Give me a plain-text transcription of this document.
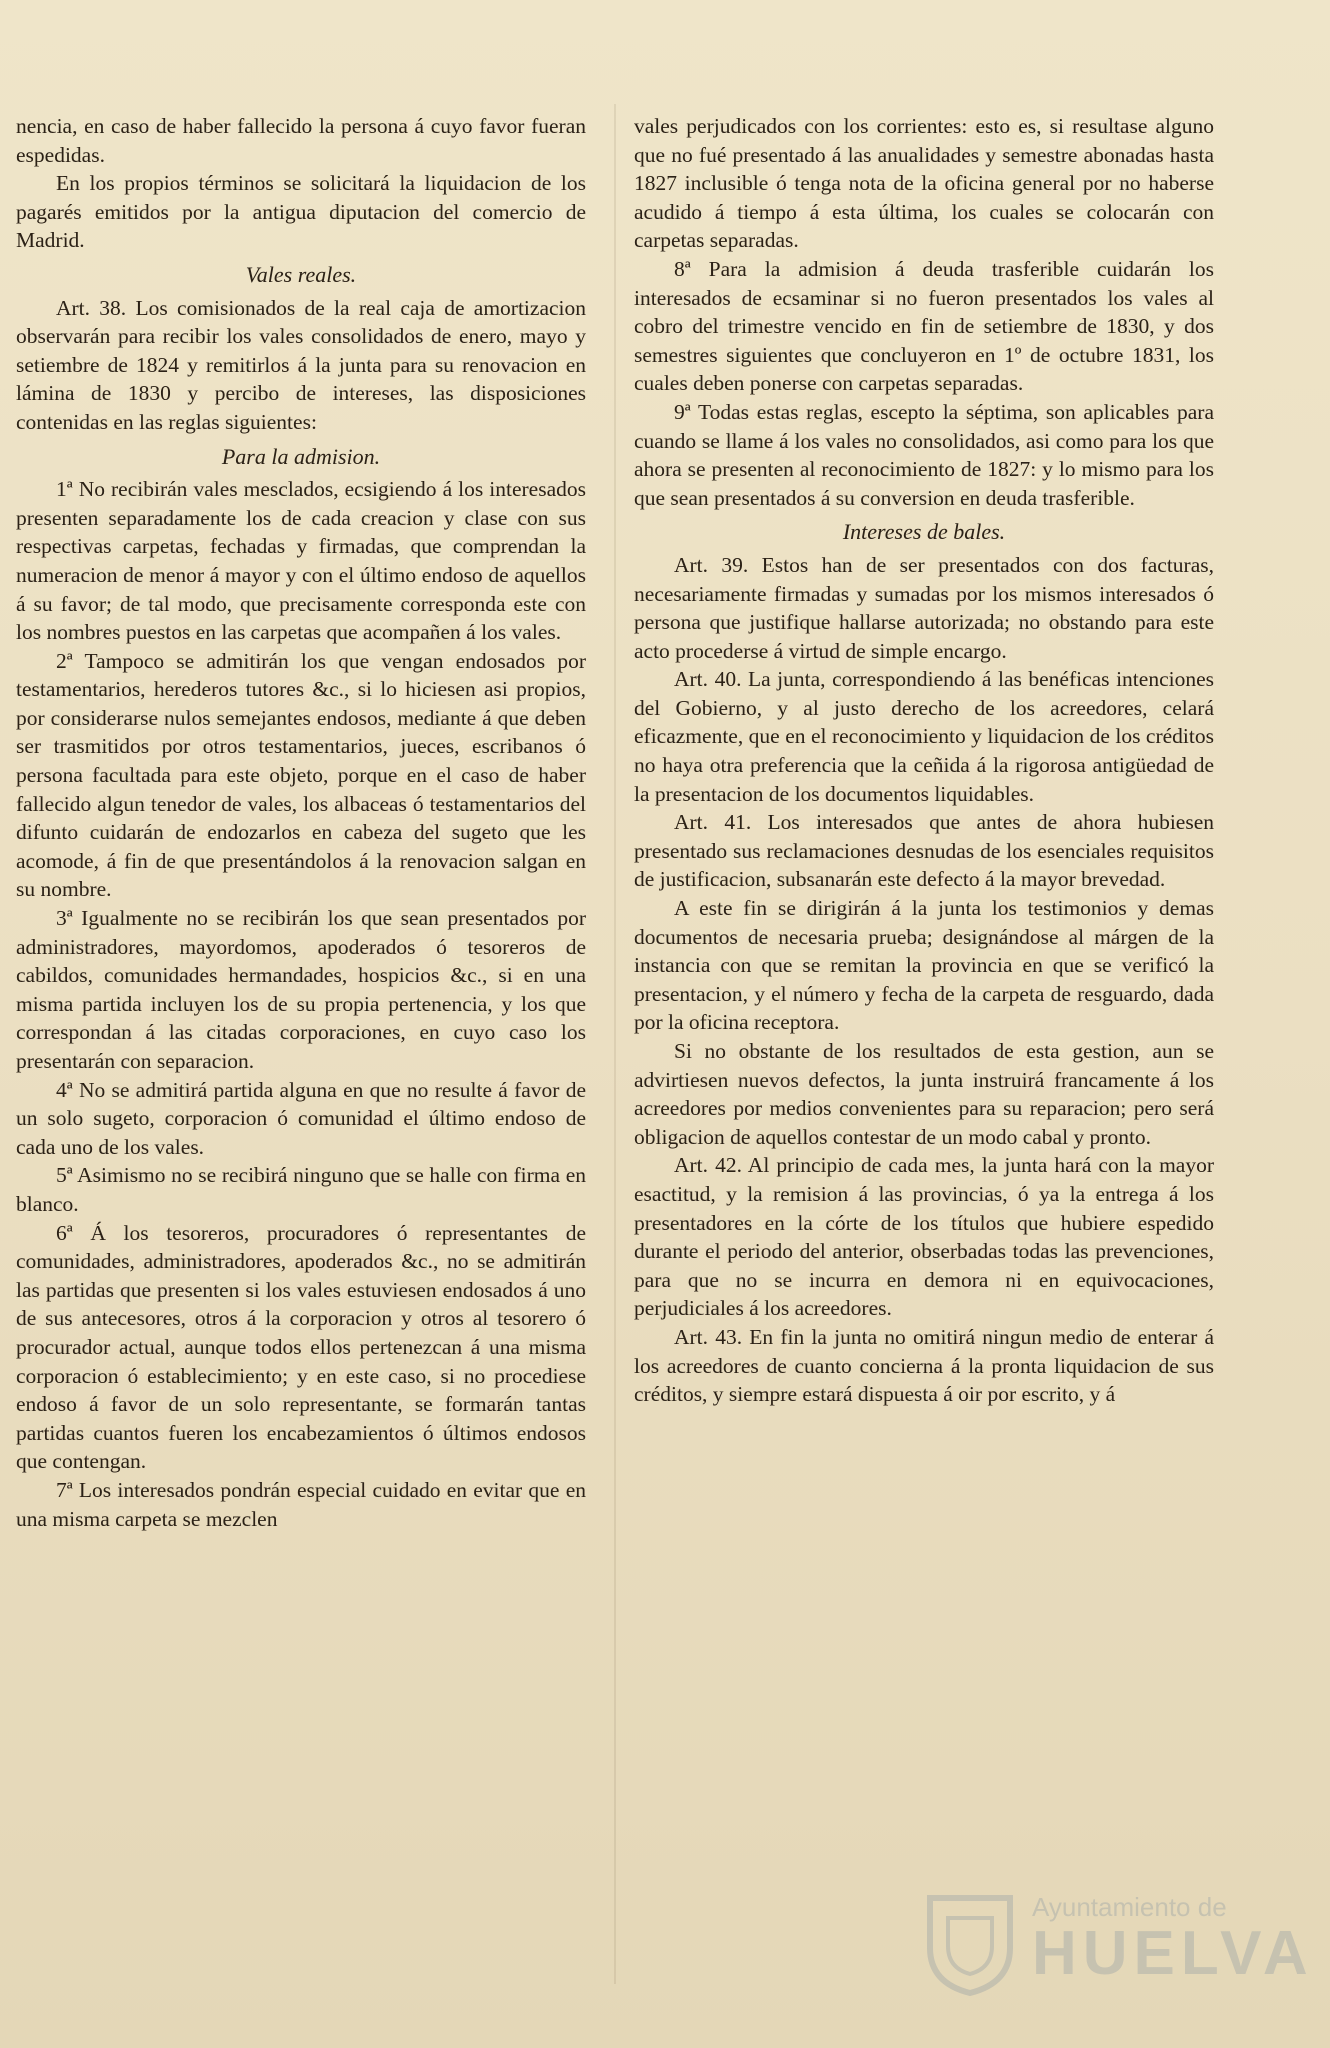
nencia, en caso de haber fallecido la persona á cuyo favor fueran espedidas.

En los propios términos se solicitará la liquidacion de los pagarés emitidos por la antigua diputacion del comercio de Madrid.

Vales reales.

Art. 38. Los comisionados de la real caja de amortizacion observarán para recibir los vales consolidados de enero, mayo y setiembre de 1824 y remitirlos á la junta para su renovacion en lámina de 1830 y percibo de intereses, las disposiciones contenidas en las reglas siguientes:

Para la admision.

1ª No recibirán vales mesclados, ecsigiendo á los interesados presenten separadamente los de cada creacion y clase con sus respectivas carpetas, fechadas y firmadas, que comprendan la numeracion de menor á mayor y con el último endoso de aquellos á su favor; de tal modo, que precisamente corresponda este con los nombres puestos en las carpetas que acompañen á los vales.

2ª Tampoco se admitirán los que vengan endosados por testamentarios, herederos tutores &c., si lo hiciesen asi propios, por considerarse nulos semejantes endosos, mediante á que deben ser trasmitidos por otros testamentarios, jueces, escribanos ó persona facultada para este objeto, porque en el caso de haber fallecido algun tenedor de vales, los albaceas ó testamentarios del difunto cuidarán de endozarlos en cabeza del sugeto que les acomode, á fin de que presentándolos á la renovacion salgan en su nombre.

3ª Igualmente no se recibirán los que sean presentados por administradores, mayordomos, apoderados ó tesoreros de cabildos, comunidades hermandades, hospicios &c., si en una misma partida incluyen los de su propia pertenencia, y los que correspondan á las citadas corporaciones, en cuyo caso los presentarán con separacion.

4ª No se admitirá partida alguna en que no resulte á favor de un solo sugeto, corporacion ó comunidad el último endoso de cada uno de los vales.

5ª Asimismo no se recibirá ninguno que se halle con firma en blanco.

6ª Á los tesoreros, procuradores ó representantes de comunidades, administradores, apoderados &c., no se admitirán las partidas que presenten si los vales estuviesen endosados á uno de sus antecesores, otros á la corporacion y otros al tesorero ó procurador actual, aunque todos ellos pertenezcan á una misma corporacion ó establecimiento; y en este caso, si no procediese endoso á favor de un solo representante, se formarán tantas partidas cuantos fueren los encabezamientos ó últimos endosos que contengan.

7ª Los interesados pondrán especial cuidado en evitar que en una misma carpeta se mezclen

vales perjudicados con los corrientes: esto es, si resultase alguno que no fué presentado á las anualidades y semestre abonadas hasta 1827 inclusible ó tenga nota de la oficina general por no haberse acudido á tiempo á esta última, los cuales se colocarán con carpetas separadas.

8ª Para la admision á deuda trasferible cuidarán los interesados de ecsaminar si no fueron presentados los vales al cobro del trimestre vencido en fin de setiembre de 1830, y dos semestres siguientes que concluyeron en 1º de octubre 1831, los cuales deben ponerse con carpetas separadas.

9ª Todas estas reglas, escepto la séptima, son aplicables para cuando se llame á los vales no consolidados, asi como para los que ahora se presenten al reconocimiento de 1827: y lo mismo para los que sean presentados á su conversion en deuda trasferible.

Intereses de bales.

Art. 39. Estos han de ser presentados con dos facturas, necesariamente firmadas y sumadas por los mismos interesados ó persona que justifique hallarse autorizada; no obstando para este acto procederse á virtud de simple encargo.

Art. 40. La junta, correspondiendo á las benéficas intenciones del Gobierno, y al justo derecho de los acreedores, celará eficazmente, que en el reconocimiento y liquidacion de los créditos no haya otra preferencia que la ceñida á la rigorosa antigüedad de la presentacion de los documentos liquidables.

Art. 41. Los interesados que antes de ahora hubiesen presentado sus reclamaciones desnudas de los esenciales requisitos de justificacion, subsanarán este defecto á la mayor brevedad.

A este fin se dirigirán á la junta los testimonios y demas documentos de necesaria prueba; designándose al márgen de la instancia con que se remitan la provincia en que se verificó la presentacion, y el número y fecha de la carpeta de resguardo, dada por la oficina receptora.

Si no obstante de los resultados de esta gestion, aun se advirtiesen nuevos defectos, la junta instruirá francamente á los acreedores por medios convenientes para su reparacion; pero será obligacion de aquellos contestar de un modo cabal y pronto.

Art. 42. Al principio de cada mes, la junta hará con la mayor esactitud, y la remision á las provincias, ó ya la entrega á los presentadores en la córte de los títulos que hubiere espedido durante el periodo del anterior, obserbadas todas las prevenciones, para que no se incurra en demora ni en equivocaciones, perjudiciales á los acreedores.

Art. 43. En fin la junta no omitirá ningun medio de enterar á los acreedores de cuanto concierna á la pronta liquidacion de sus créditos, y siempre estará dispuesta á oir por escrito, y á

Ayuntamiento de
HUELVA
